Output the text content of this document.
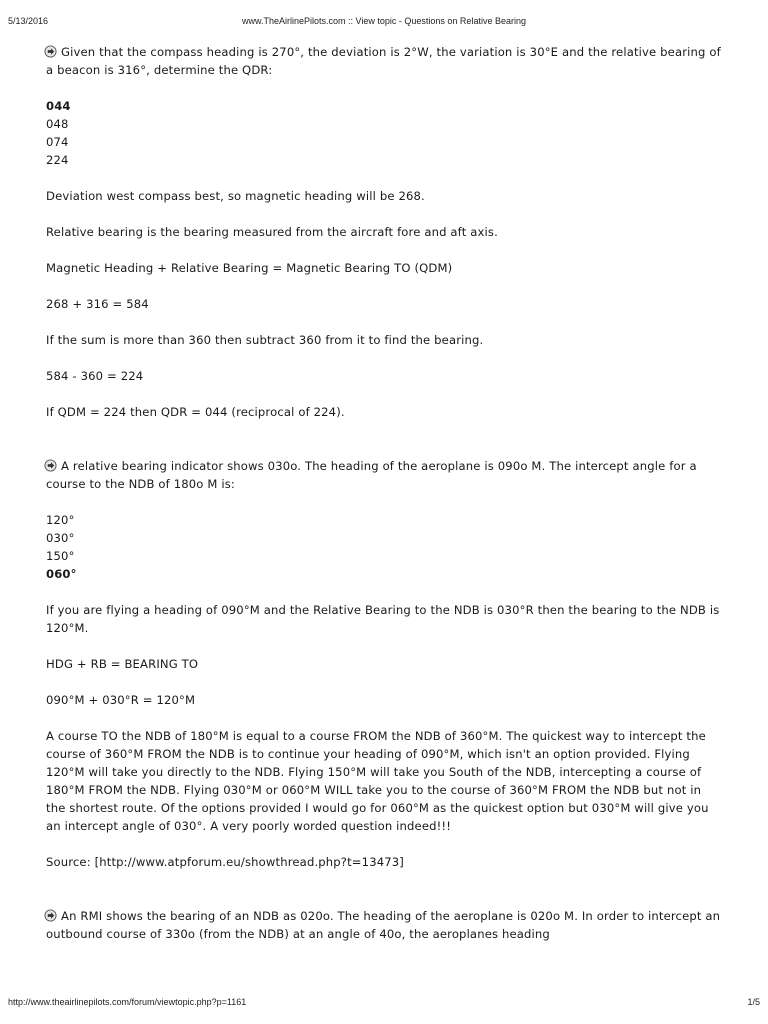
5/13/2016	www.TheAirlinePilots.com :: View topic - Questions on Relative Bearing

Given that the compass heading is 270°, the deviation is 2°W, the variation is 30°E and the relative bearing of a beacon is 316°, determine the QDR:

044

048

074

224

Deviation west compass best, so magnetic heading will be 268.

Relative bearing is the bearing measured from the aircraft fore and aft axis.

Magnetic Heading + Relative Bearing = Magnetic Bearing TO (QDM)

268 + 316 = 584

If the sum is more than 360 then subtract 360 from it to find the bearing.

584 - 360 = 224

If QDM = 224 then QDR = 044 (reciprocal of 224).

A relative bearing indicator shows 030o. The heading of the aeroplane is 090o M. The intercept angle for a course to the NDB of 180o M is:

120°

030°

150°

060°

If you are flying a heading of 090°M and the Relative Bearing to the NDB is 030°R then the bearing to the NDB is 120°M.

HDG + RB = BEARING TO

090°M + 030°R = 120°M

A course TO the NDB of 180°M is equal to a course FROM the NDB of 360°M. The quickest way to intercept the course of 360°M FROM the NDB is to continue your heading of 090°M, which isn't an option provided. Flying 120°M will take you directly to the NDB. Flying 150°M will take you South of the NDB, intercepting a course of 180°M FROM the NDB. Flying 030°M or 060°M WILL take you to the course of 360°M FROM the NDB but not in the shortest route. Of the options provided I would go for 060°M as the quickest option but 030°M will give you an intercept angle of 030°. A very poorly worded question indeed!!!

Source: [http://www.atpforum.eu/showthread.php?t=13473]

An RMI shows the bearing of an NDB as 020o. The heading of the aeroplane is 020o M. In order to intercept an outbound course of 330o (from the NDB) at an angle of 40o, the aeroplanes heading

http://www.theairlinepilots.com/forum/viewtopic.php?p=1161	1/5
